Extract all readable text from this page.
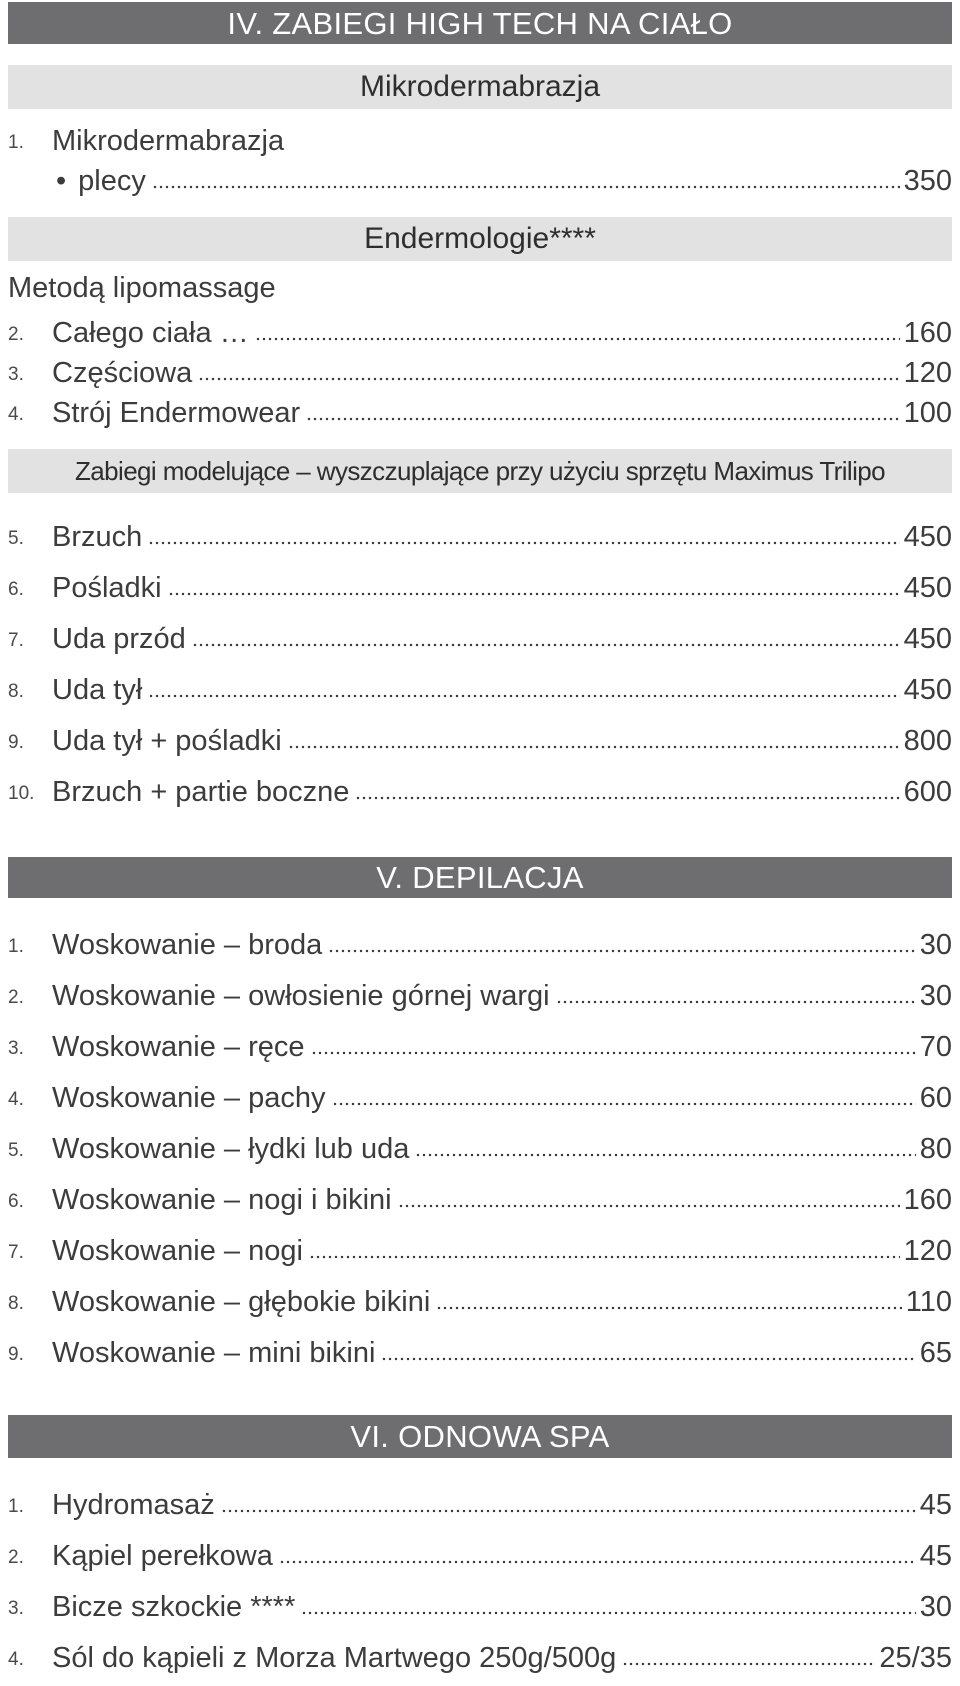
IV. ZABIEGI HIGH TECH NA CIAŁO
Mikrodermabrazja
1. Mikrodermabrazja
• plecy	350
Endermologie****
Metodą lipomassage
2. Całego ciała …	160
3. Częściowa	120
4. Strój Endermowear	100
Zabiegi modelujące – wyszczuplające przy użyciu sprzętu Maximus Trilipo
5. Brzuch	450
6. Pośladki	450
7. Uda przód	450
8. Uda tył	450
9. Uda tył + pośladki	800
10. Brzuch + partie boczne	600
V. DEPILACJA
1. Woskowanie – broda	30
2. Woskowanie – owłosienie górnej wargi	30
3. Woskowanie – ręce	70
4. Woskowanie – pachy	60
5. Woskowanie – łydki lub uda	80
6. Woskowanie – nogi i bikini	160
7. Woskowanie – nogi	120
8. Woskowanie – głębokie bikini	110
9. Woskowanie – mini bikini	65
VI. ODNOWA SPA
1. Hydromasaż	45
2. Kąpiel perełkowa	45
3. Bicze szkockie ****	30
4. Sól do kąpieli z Morza Martwego 250g/500g	25/35
